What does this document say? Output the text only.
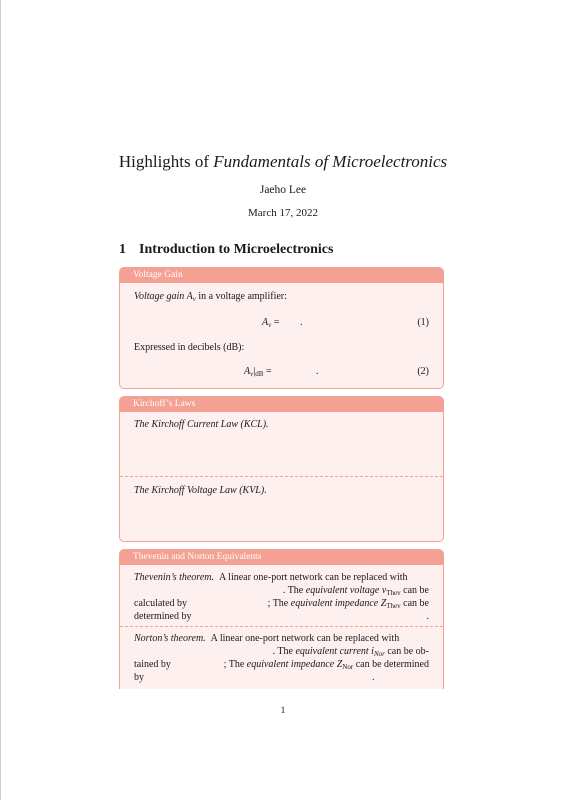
Highlights of Fundamentals of Microelectronics
Jaeho Lee
March 17, 2022
1 Introduction to Microelectronics
Voltage Gain
Voltage gain $A_v$ in a voltage amplifier:
$A_v$ = .	(1)
Expressed in decibels (dB):
$A_v|_{dB}$ =	.	(2)
Kirchoff’s Laws
The Kirchoff Current Law (KCL).
The Kirchoff Voltage Law (KVL).
Thevenin and Norton Equivalents
Thevenin’s theorem. A linear one-port network can be replaced with
. The equivalent voltage $v_{Thev}$ can be
calculated by	; The equivalent impedance $Z_{Thev}$ can be
determined by	.
Norton’s theorem. A linear one-port network can be replaced with
. The equivalent current $i_{Nor}$ can be ob-
tained by	; The equivalent impedance $Z_{Nor}$ can be determined
by	.
1
